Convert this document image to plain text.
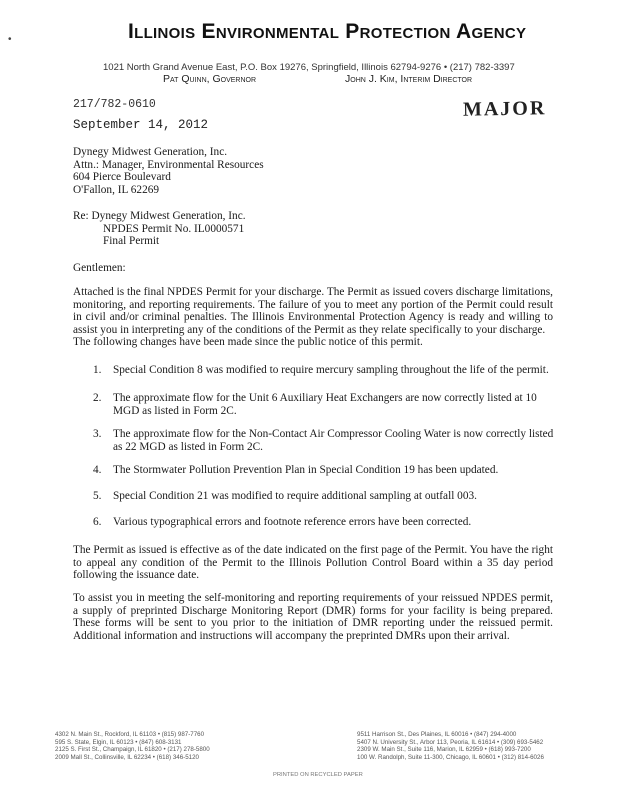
•	Illinois Environmental Protection Agency
1021 North Grand Avenue East, P.O. Box 19276, Springfield, Illinois 62794-9276 • (217) 782-3397
Pat Quinn, Governor	John J. Kim, Interim Director
217/782-0610	MAJOR
September 14, 2012
Dynegy Midwest Generation, Inc.
Attn.: Manager, Environmental Resources
604 Pierce Boulevard
O'Fallon, IL 62269
Re: Dynegy Midwest Generation, Inc.
NPDES Permit No. IL0000571
Final Permit
Gentlemen:
Attached is the final NPDES Permit for your discharge. The Permit as issued covers discharge limitations, monitoring, and reporting requirements. The failure of you to meet any portion of the Permit could result in civil and/or criminal penalties. The Illinois Environmental Protection Agency is ready and willing to assist you in interpreting any of the conditions of the Permit as they relate specifically to your discharge.
The following changes have been made since the public notice of this permit.
1.	Special Condition 8 was modified to require mercury sampling throughout the life of the permit.
2.	The approximate flow for the Unit 6 Auxiliary Heat Exchangers are now correctly listed at 10 MGD as listed in Form 2C.
3.	The approximate flow for the Non-Contact Air Compressor Cooling Water is now correctly listed as 22 MGD as listed in Form 2C.
4.	The Stormwater Pollution Prevention Plan in Special Condition 19 has been updated.
5.	Special Condition 21 was modified to require additional sampling at outfall 003.
6.	Various typographical errors and footnote reference errors have been corrected.
The Permit as issued is effective as of the date indicated on the first page of the Permit. You have the right to appeal any condition of the Permit to the Illinois Pollution Control Board within a 35 day period following the issuance date.
To assist you in meeting the self-monitoring and reporting requirements of your reissued NPDES permit, a supply of preprinted Discharge Monitoring Report (DMR) forms for your facility is being prepared. These forms will be sent to you prior to the initiation of DMR reporting under the reissued permit. Additional information and instructions will accompany the preprinted DMRs upon their arrival.
4302 N. Main St., Rockford, IL 61103 • (815) 987-7760
595 S. State, Elgin, IL 60123 • (847) 608-3131
2125 S. First St., Champaign, IL 61820 • (217) 278-5800
2009 Mall St., Collinsville, IL 62234 • (618) 346-5120
9511 Harrison St., Des Plaines, IL 60016 • (847) 294-4000
5407 N. University St., Arbor 113, Peoria, IL 61614 • (309) 693-5462
2309 W. Main St., Suite 116, Marion, IL 62959 • (618) 993-7200
100 W. Randolph, Suite 11-300, Chicago, IL 60601 • (312) 814-6026
PRINTED ON RECYCLED PAPER
